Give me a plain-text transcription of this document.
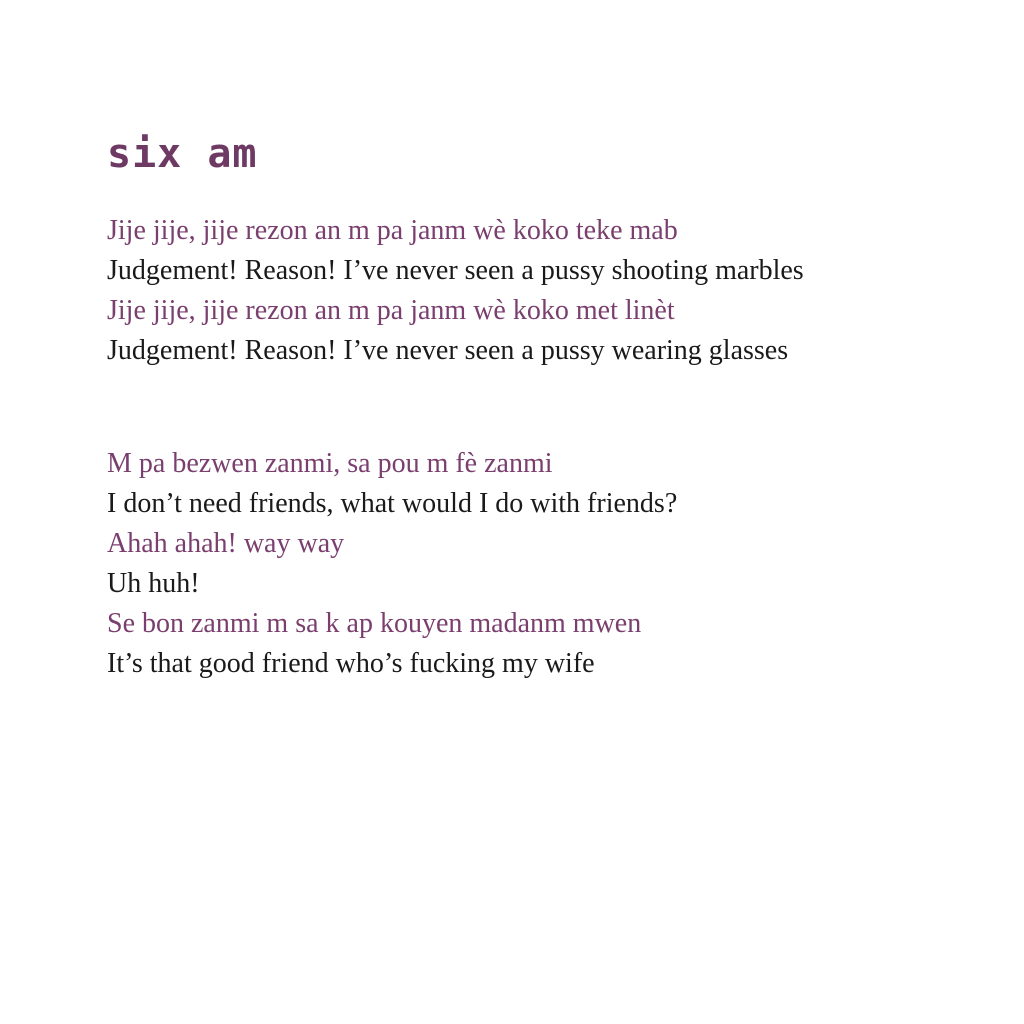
six am
Jije jije, jije rezon an m pa janm wè koko teke mab
Judgement! Reason! I’ve never seen a pussy shooting marbles
Jije jije, jije rezon an m pa janm wè koko met linèt
Judgement! Reason! I’ve never seen a pussy wearing glasses
M pa bezwen zanmi, sa pou m fè zanmi
I don’t need friends, what would I do with friends?
Ahah ahah! way way
Uh huh!
Se bon zanmi m sa k ap kouyen madanm mwen
It’s that good friend who’s fucking my wife
